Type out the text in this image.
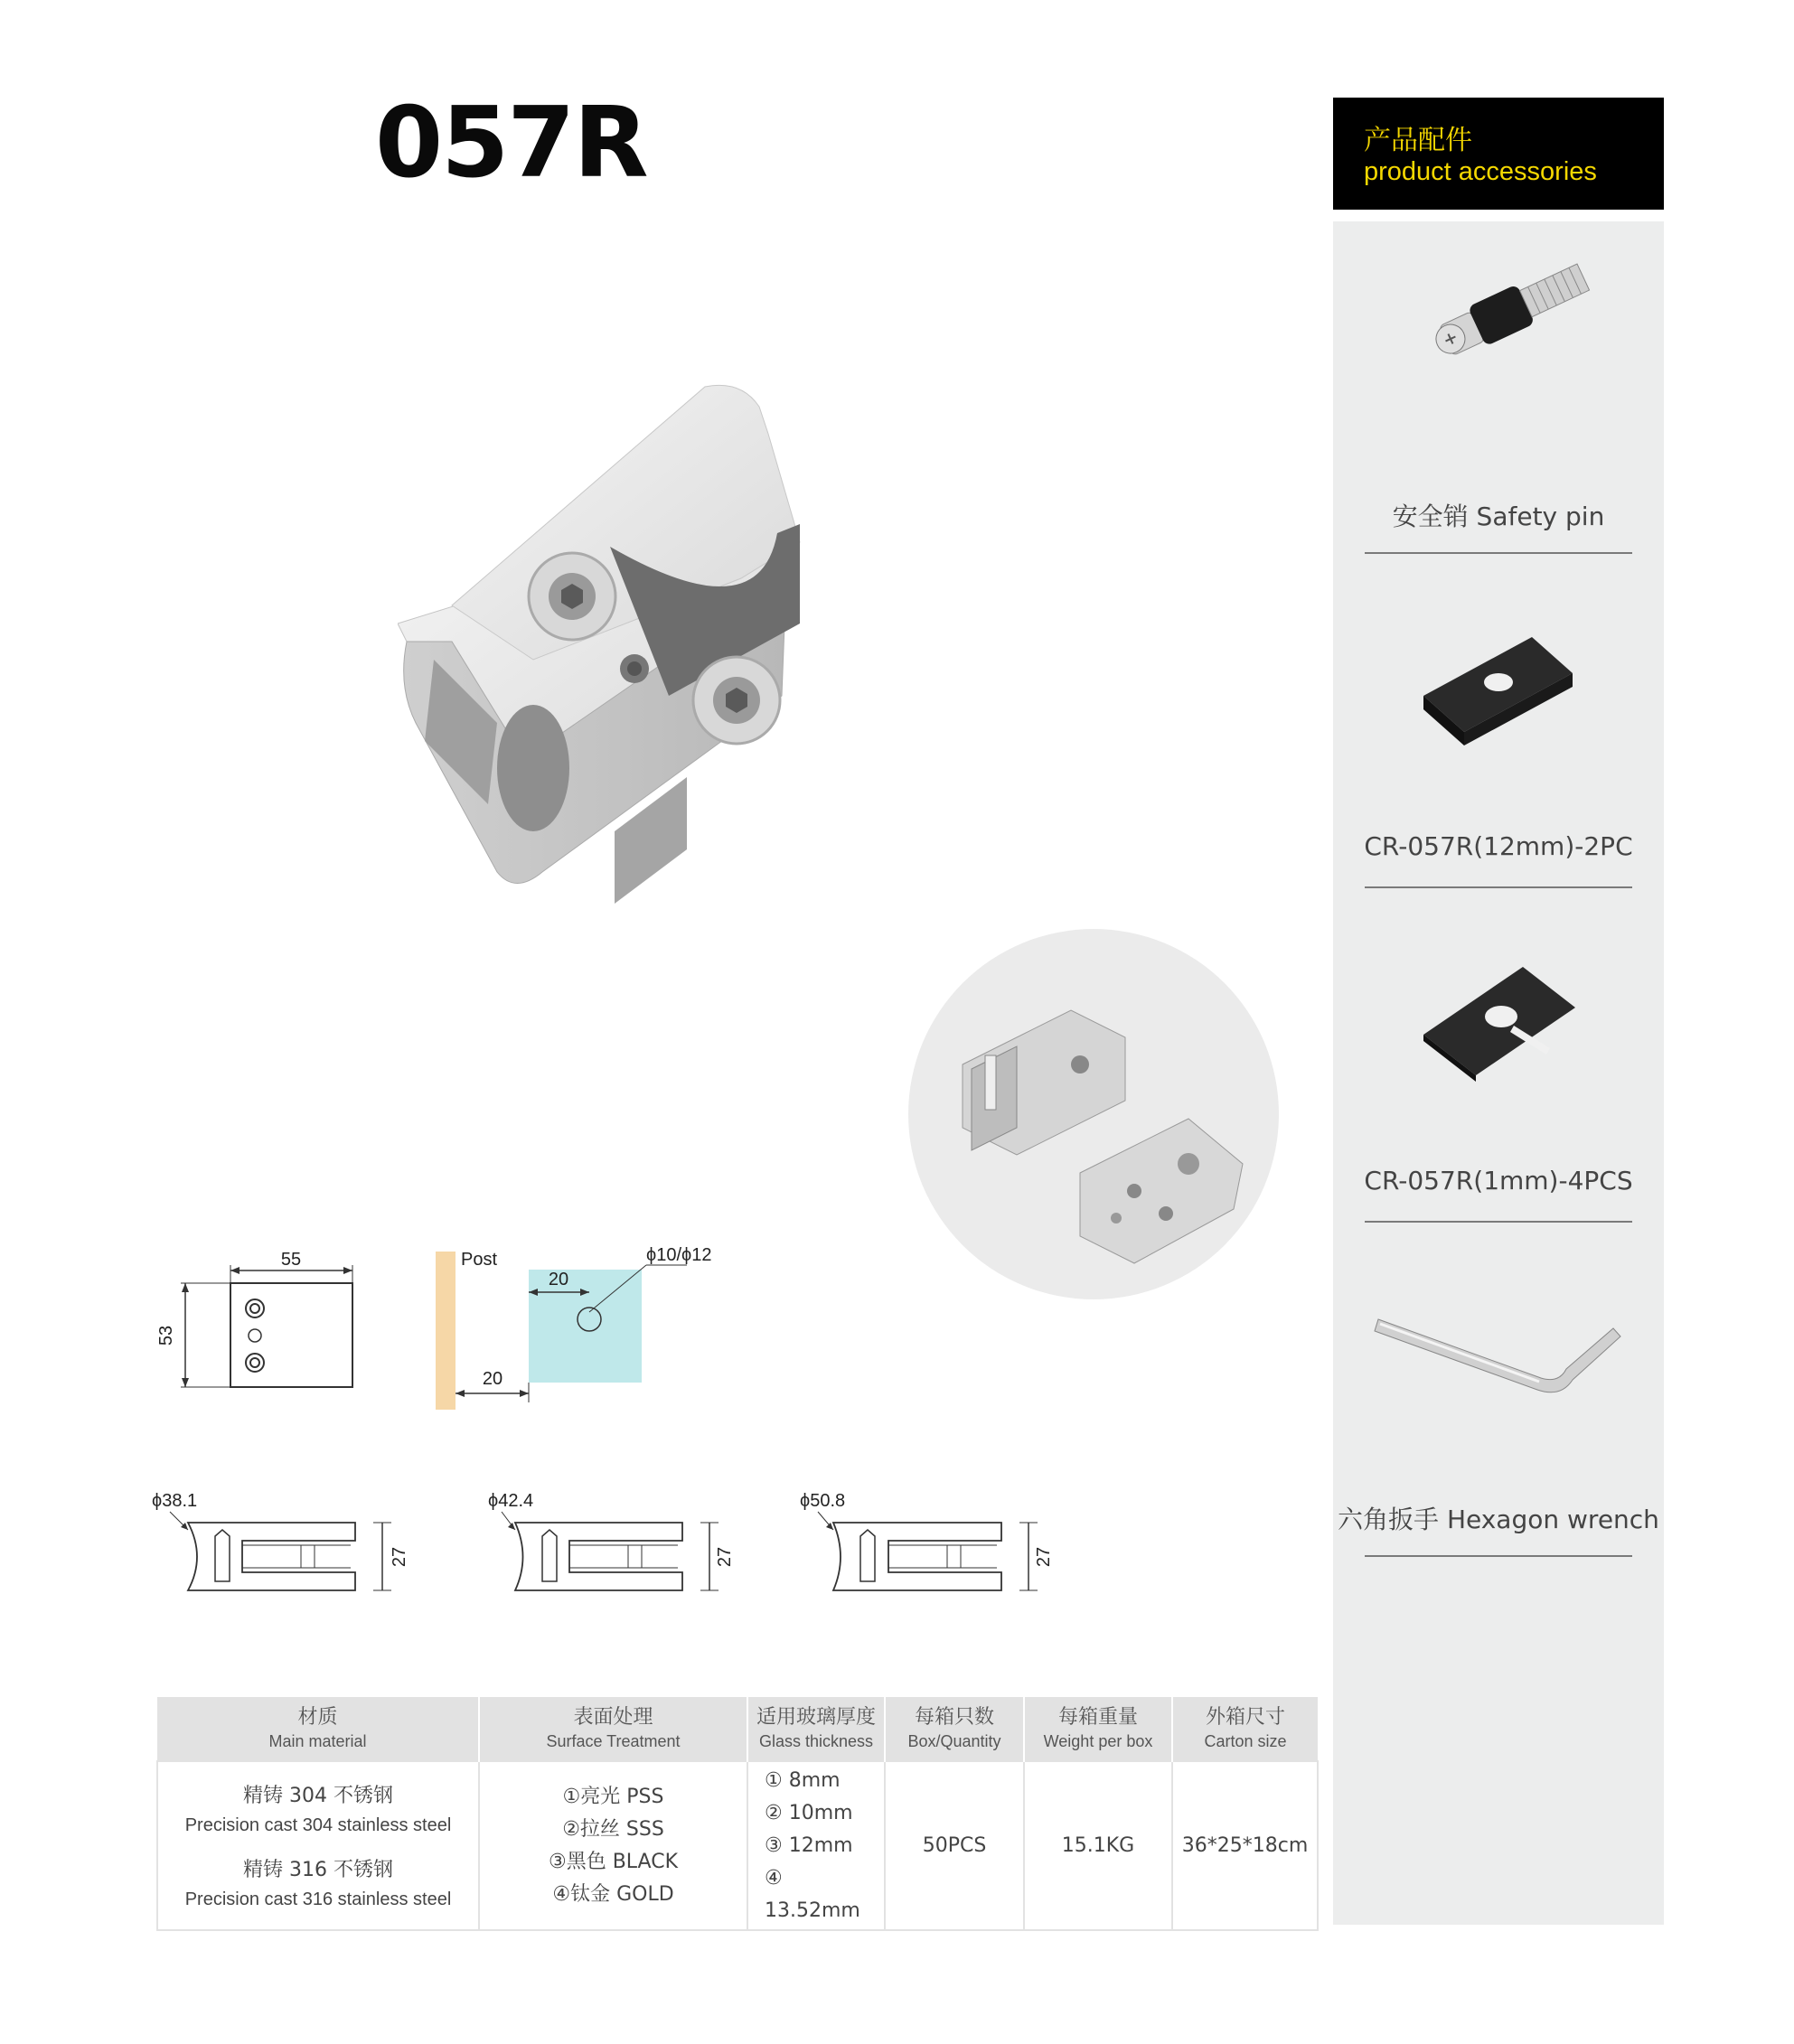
057R
55
53
Post
20
ϕ10/ϕ12
20
ϕ38.1
27
ϕ42.4
27
ϕ50.8
27
材质
Main material	表面处理
Surface Treatment	适用玻璃厚度
Glass thickness	每箱只数
Box/Quantity	每箱重量
Weight per box	外箱尺寸
Carton size

精铸 304 不锈钢
Precision cast 304 stainless steel
精铸 316 不锈钢
Precision cast 316 stainless steel	①亮光 PSS
②拉丝 SSS
③黑色 BLACK
④钛金 GOLD	① 8mm
② 10mm
③ 12mm
④ 13.52mm	50PCS	15.1KG	36*25*18cm
产品配件
product accessories
安全销 Safety pin
CR-057R(12mm)-2PC
CR-057R(1mm)-4PCS
六角扳手 Hexagon wrench
